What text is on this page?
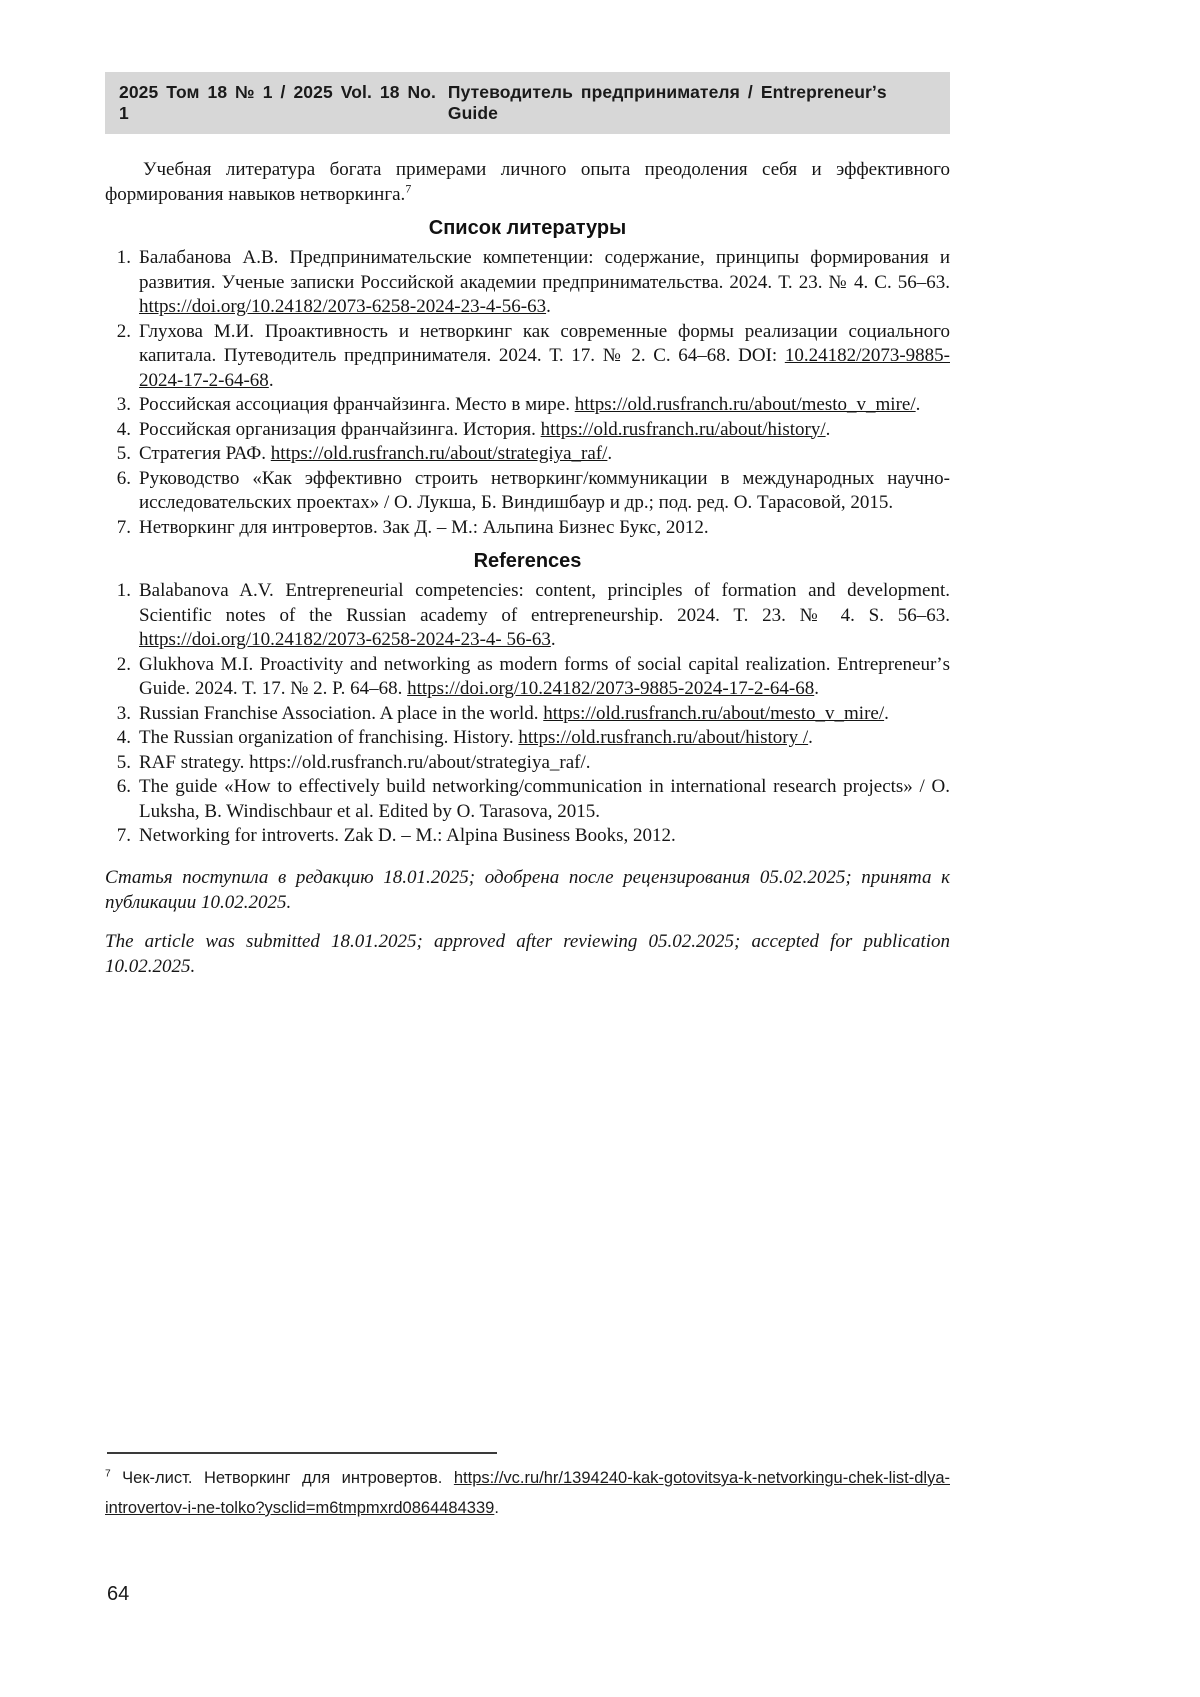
2025 Том 18 № 1 / 2025 Vol. 18 No. 1
Путеводитель предпринимателя / Entrepreneurʼs Guide

Учебная литература богата примерами личного опыта преодоления себя и эффективного формирования навыков нетворкинга.$^7$

Список литературы
1. Балабанова А.В. Предпринимательские компетенции: содержание, принципы формирования и развития. Ученые записки Российской академии предпринимательства. 2024. Т. 23. № 4. С. 56–63. https://doi.org/10.24182/2073-6258-2024-23-4-56-63.
2. Глухова М.И. Проактивность и нетворкинг как современные формы реализации социального капитала. Путеводитель предпринимателя. 2024. Т. 17. № 2. С. 64–68. DOI: 10.24182/2073-9885-2024-17-2-64-68.
3. Российская ассоциация франчайзинга. Место в мире. https://old.rusfranch.ru/about/mesto_v_mire/.
4. Российская организация франчайзинга. История. https://old.rusfranch.ru/about/history/.
5. Стратегия РАФ. https://old.rusfranch.ru/about/strategiya_raf/.
6. Руководство «Как эффективно строить нетворкинг/коммуникации в международных научно-исследовательских проектах» / О. Лукша, Б. Виндишбаур и др.; под. ред. О. Тарасовой, 2015.
7. Нетворкинг для интровертов. Зак Д. – М.: Альпина Бизнес Букс, 2012.
References
1. Balabanova A.V. Entrepreneurial competencies: content, principles of formation and development. Scientific notes of the Russian academy of entrepreneurship. 2024. T. 23. № 4. S. 56–63. https://doi.org/10.24182/2073-6258-2024-23-4- 56-63.
2. Glukhova M.I. Proactivity and networking as modern forms of social capital realization. Entrepreneurʼs Guide. 2024. T. 17. № 2. P. 64–68. https://doi.org/10.24182/2073-9885-2024-17-2-64-68.
3. Russian Franchise Association. A place in the world. https://old.rusfranch.ru/about/mesto_v_mire/.
4. The Russian organization of franchising. History. https://old.rusfranch.ru/about/history /.
5. RAF strategy. https://old.rusfranch.ru/about/strategiya_raf/.
6. The guide «How to effectively build networking/communication in international research projects» / O. Luksha, B. Windischbaur et al. Edited by O. Tarasova, 2015.
7. Networking for introverts. Zak D. – M.: Alpina Business Books, 2012.

Статья поступила в редакцию 18.01.2025; одобрена после рецензирования 05.02.2025; принята к публикации 10.02.2025.

The article was submitted 18.01.2025; approved after reviewing 05.02.2025; accepted for publication 10.02.2025.

$^7$ Чек-лист. Нетворкинг для интровертов. https://vc.ru/hr/1394240-kak-gotovitsya-k-netvorkingu-chek-list-dlya-introvertov-i-ne-tolko?ysclid=m6tmpmxrd0864484339.

64
